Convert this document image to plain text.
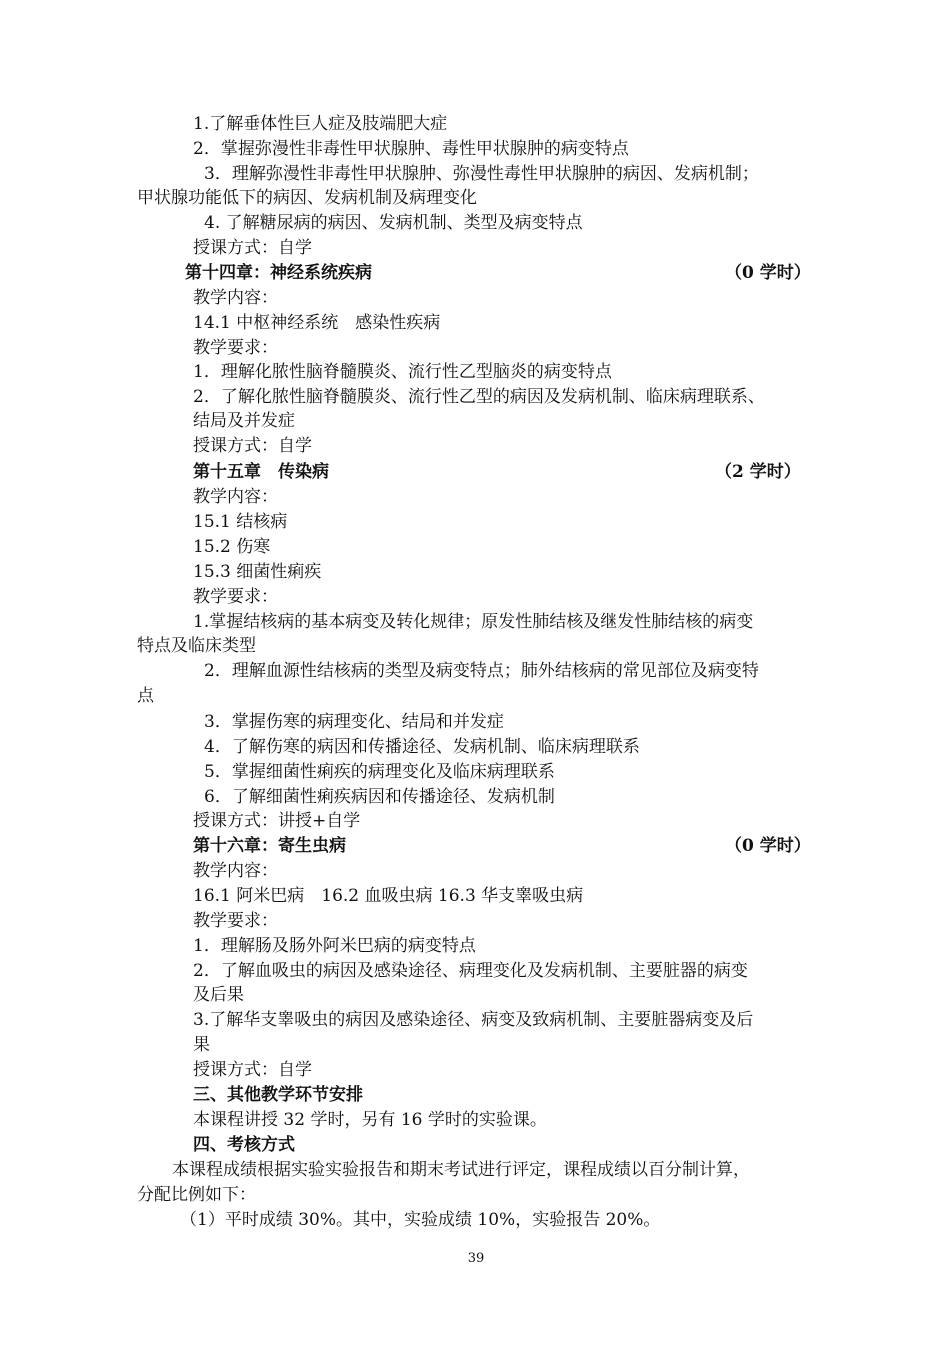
1.了解垂体性巨人症及肢端肥大症
2．掌握弥漫性非毒性甲状腺肿、毒性甲状腺肿的病变特点
3．理解弥漫性非毒性甲状腺肿、弥漫性毒性甲状腺肿的病因、发病机制；
甲状腺功能低下的病因、发病机制及病理变化
4. 了解糖尿病的病因、发病机制、类型及病变特点
授课方式：自学
第十四章：神经系统疾病	（0 学时）
教学内容：
14.1 中枢神经系统　感染性疾病
教学要求：
1．理解化脓性脑脊髓膜炎、流行性乙型脑炎的病变特点
2．了解化脓性脑脊髓膜炎、流行性乙型的病因及发病机制、临床病理联系、
结局及并发症
授课方式：自学
第十五章　传染病	（2 学时）
教学内容：
15.1 结核病
15.2 伤寒
15.3 细菌性痢疾
教学要求：
1.掌握结核病的基本病变及转化规律；原发性肺结核及继发性肺结核的病变
特点及临床类型
2．理解血源性结核病的类型及病变特点；肺外结核病的常见部位及病变特
点
3．掌握伤寒的病理变化、结局和并发症
4．了解伤寒的病因和传播途径、发病机制、临床病理联系
5．掌握细菌性痢疾的病理变化及临床病理联系
6．了解细菌性痢疾病因和传播途径、发病机制
授课方式：讲授+自学
第十六章：寄生虫病	（0 学时）
教学内容：
16.1 阿米巴病　16.2 血吸虫病 16.3 华支睾吸虫病
教学要求：
1．理解肠及肠外阿米巴病的病变特点
2．了解血吸虫的病因及感染途径、病理变化及发病机制、主要脏器的病变
及后果
3.了解华支睾吸虫的病因及感染途径、病变及致病机制、主要脏器病变及后
果
授课方式：自学
三、其他教学环节安排
本课程讲授 32 学时，另有 16 学时的实验课。
四、考核方式
本课程成绩根据实验实验报告和期末考试进行评定，课程成绩以百分制计算，
分配比例如下：
（1）平时成绩 30%。其中，实验成绩 10%，实验报告 20%。
39
